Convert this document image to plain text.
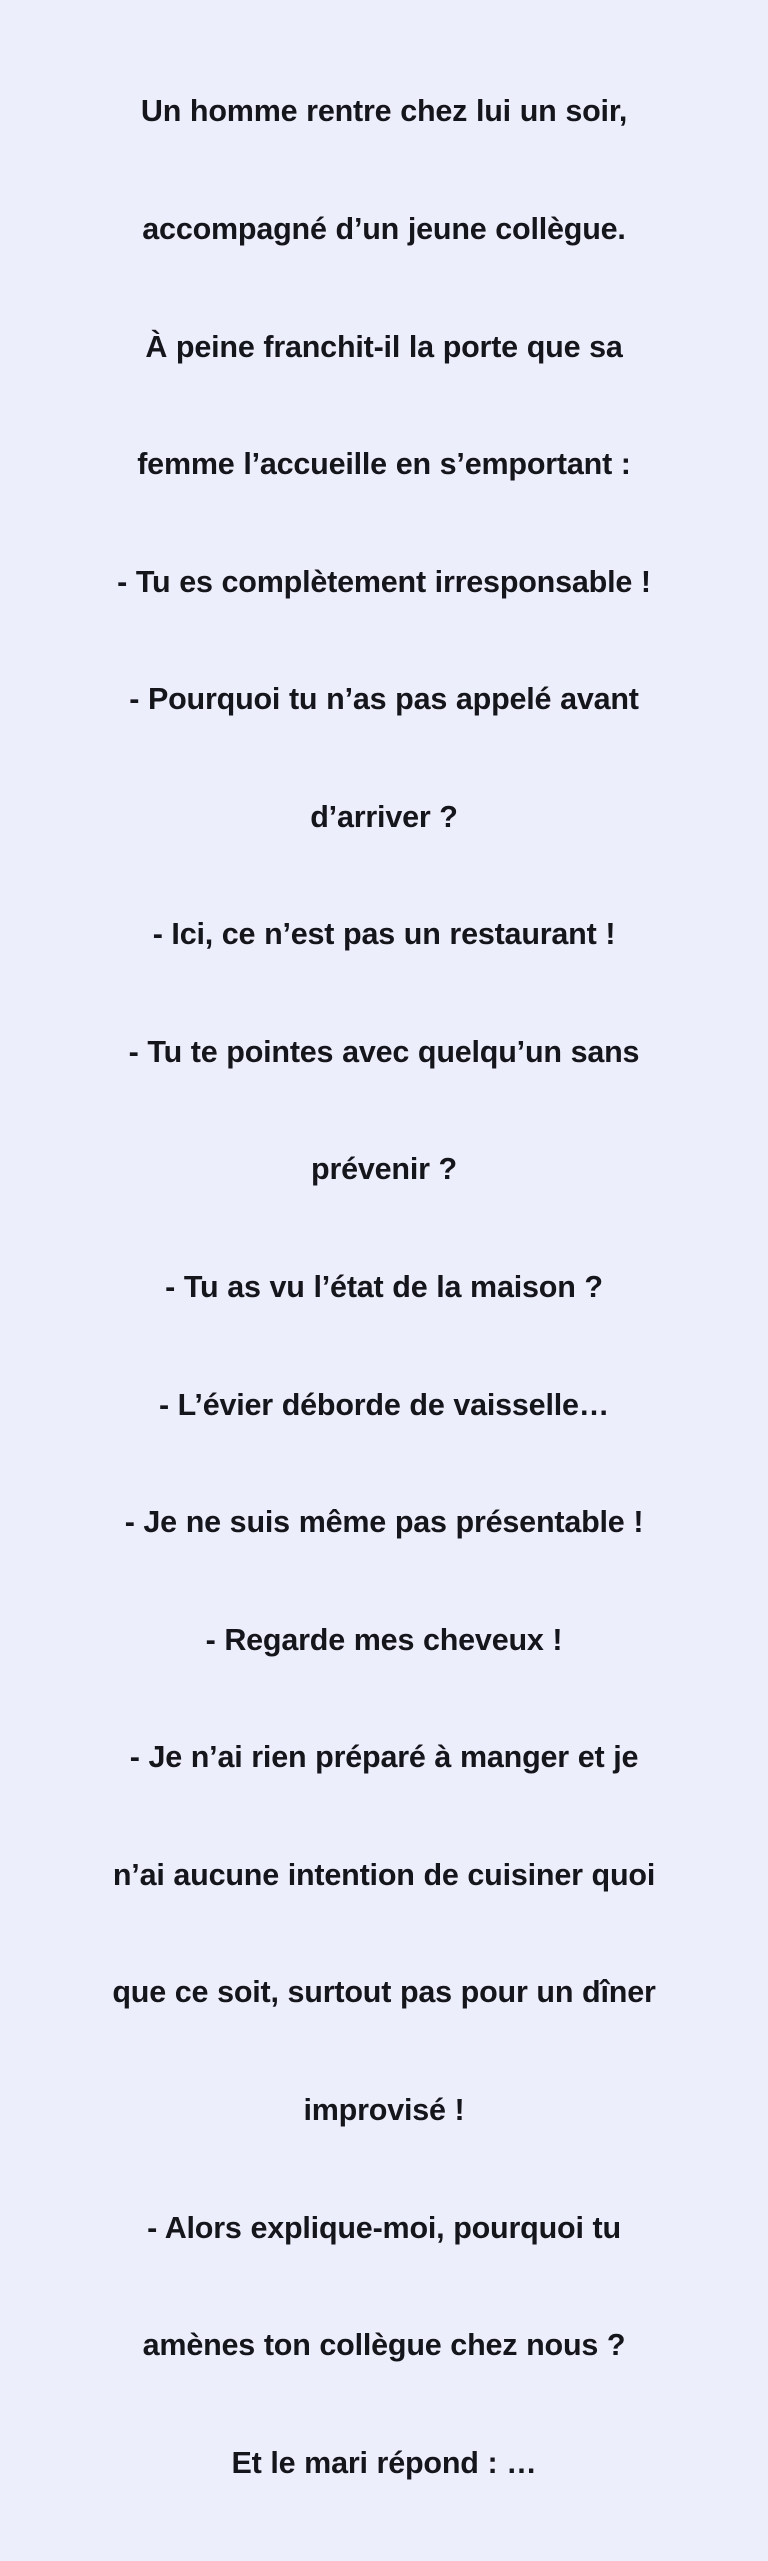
Un homme rentre chez lui un soir,

accompagné d’un jeune collègue.

À peine franchit-il la porte que sa

femme l’accueille en s’emportant :

- Tu es complètement irresponsable !

- Pourquoi tu n’as pas appelé avant

d’arriver ?

- Ici, ce n’est pas un restaurant !

- Tu te pointes avec quelqu’un sans

prévenir ?

- Tu as vu l’état de la maison ?

- L’évier déborde de vaisselle…

- Je ne suis même pas présentable !

- Regarde mes cheveux !

- Je n’ai rien préparé à manger et je

n’ai aucune intention de cuisiner quoi

que ce soit, surtout pas pour un dîner

improvisé !

- Alors explique-moi, pourquoi tu

amènes ton collègue chez nous ?

Et le mari répond : …
